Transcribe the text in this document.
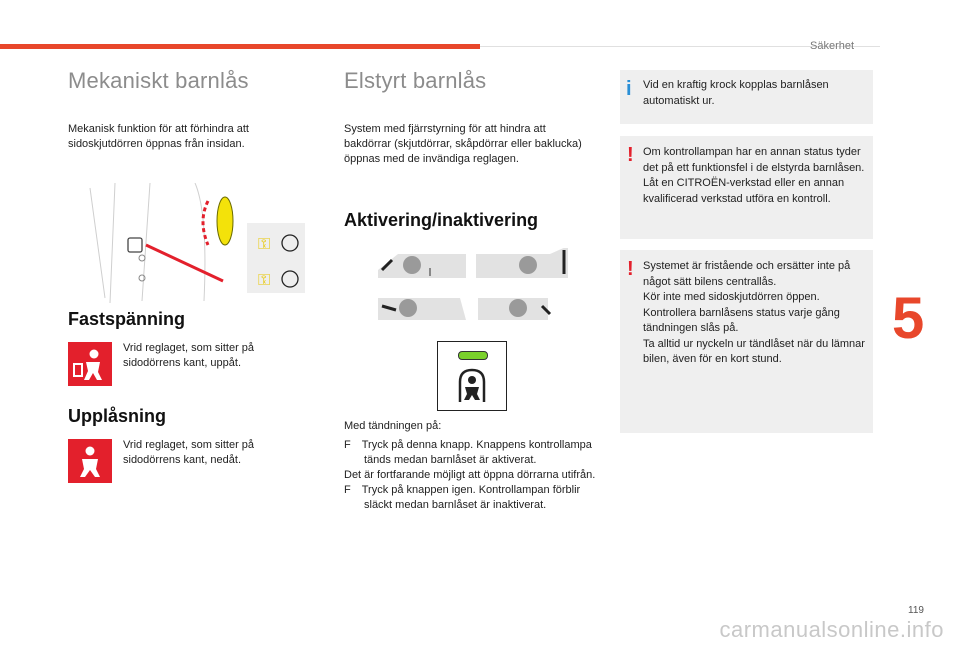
Säkerhet
5
119
Mekaniskt barnlås
Mekanisk funktion för att förhindra att sidoskjutdörren öppnas från insidan.
⚿
⚿
Fastspänning
Vrid reglaget, som sitter på sidodörrens kant, uppåt.
Upplåsning
Vrid reglaget, som sitter på sidodörrens kant, nedåt.
Elstyrt barnlås
System med fjärrstyrning för att hindra att bakdörrar (skjutdörrar, skåpdörrar eller baklucka) öppnas med de invändiga reglagen.
Aktivering/inaktivering
Med tändningen på:
F Tryck på denna knapp. Knappens kontrollampa tänds medan barnlåset är aktiverat.
Det är fortfarande möjligt att öppna dörrarna utifrån.
F Tryck på knappen igen. Kontrollampan förblir släckt medan barnlåset är inaktiverat.
i Vid en kraftig krock kopplas barnlåsen automatiskt ur.
! Om kontrollampan har en annan status tyder det på ett funktionsfel i de elstyrda barnlåsen.
Låt en CITROËN-verkstad eller en annan kvalificerad verkstad utföra en kontroll.
! Systemet är fristående och ersätter inte på något sätt bilens centrallås.
Kör inte med sidoskjutdörren öppen.
Kontrollera barnlåsens status varje gång tändningen slås på.
Ta alltid ur nyckeln ur tändlåset när du lämnar bilen, även för en kort stund.
carmanualsonline.info
